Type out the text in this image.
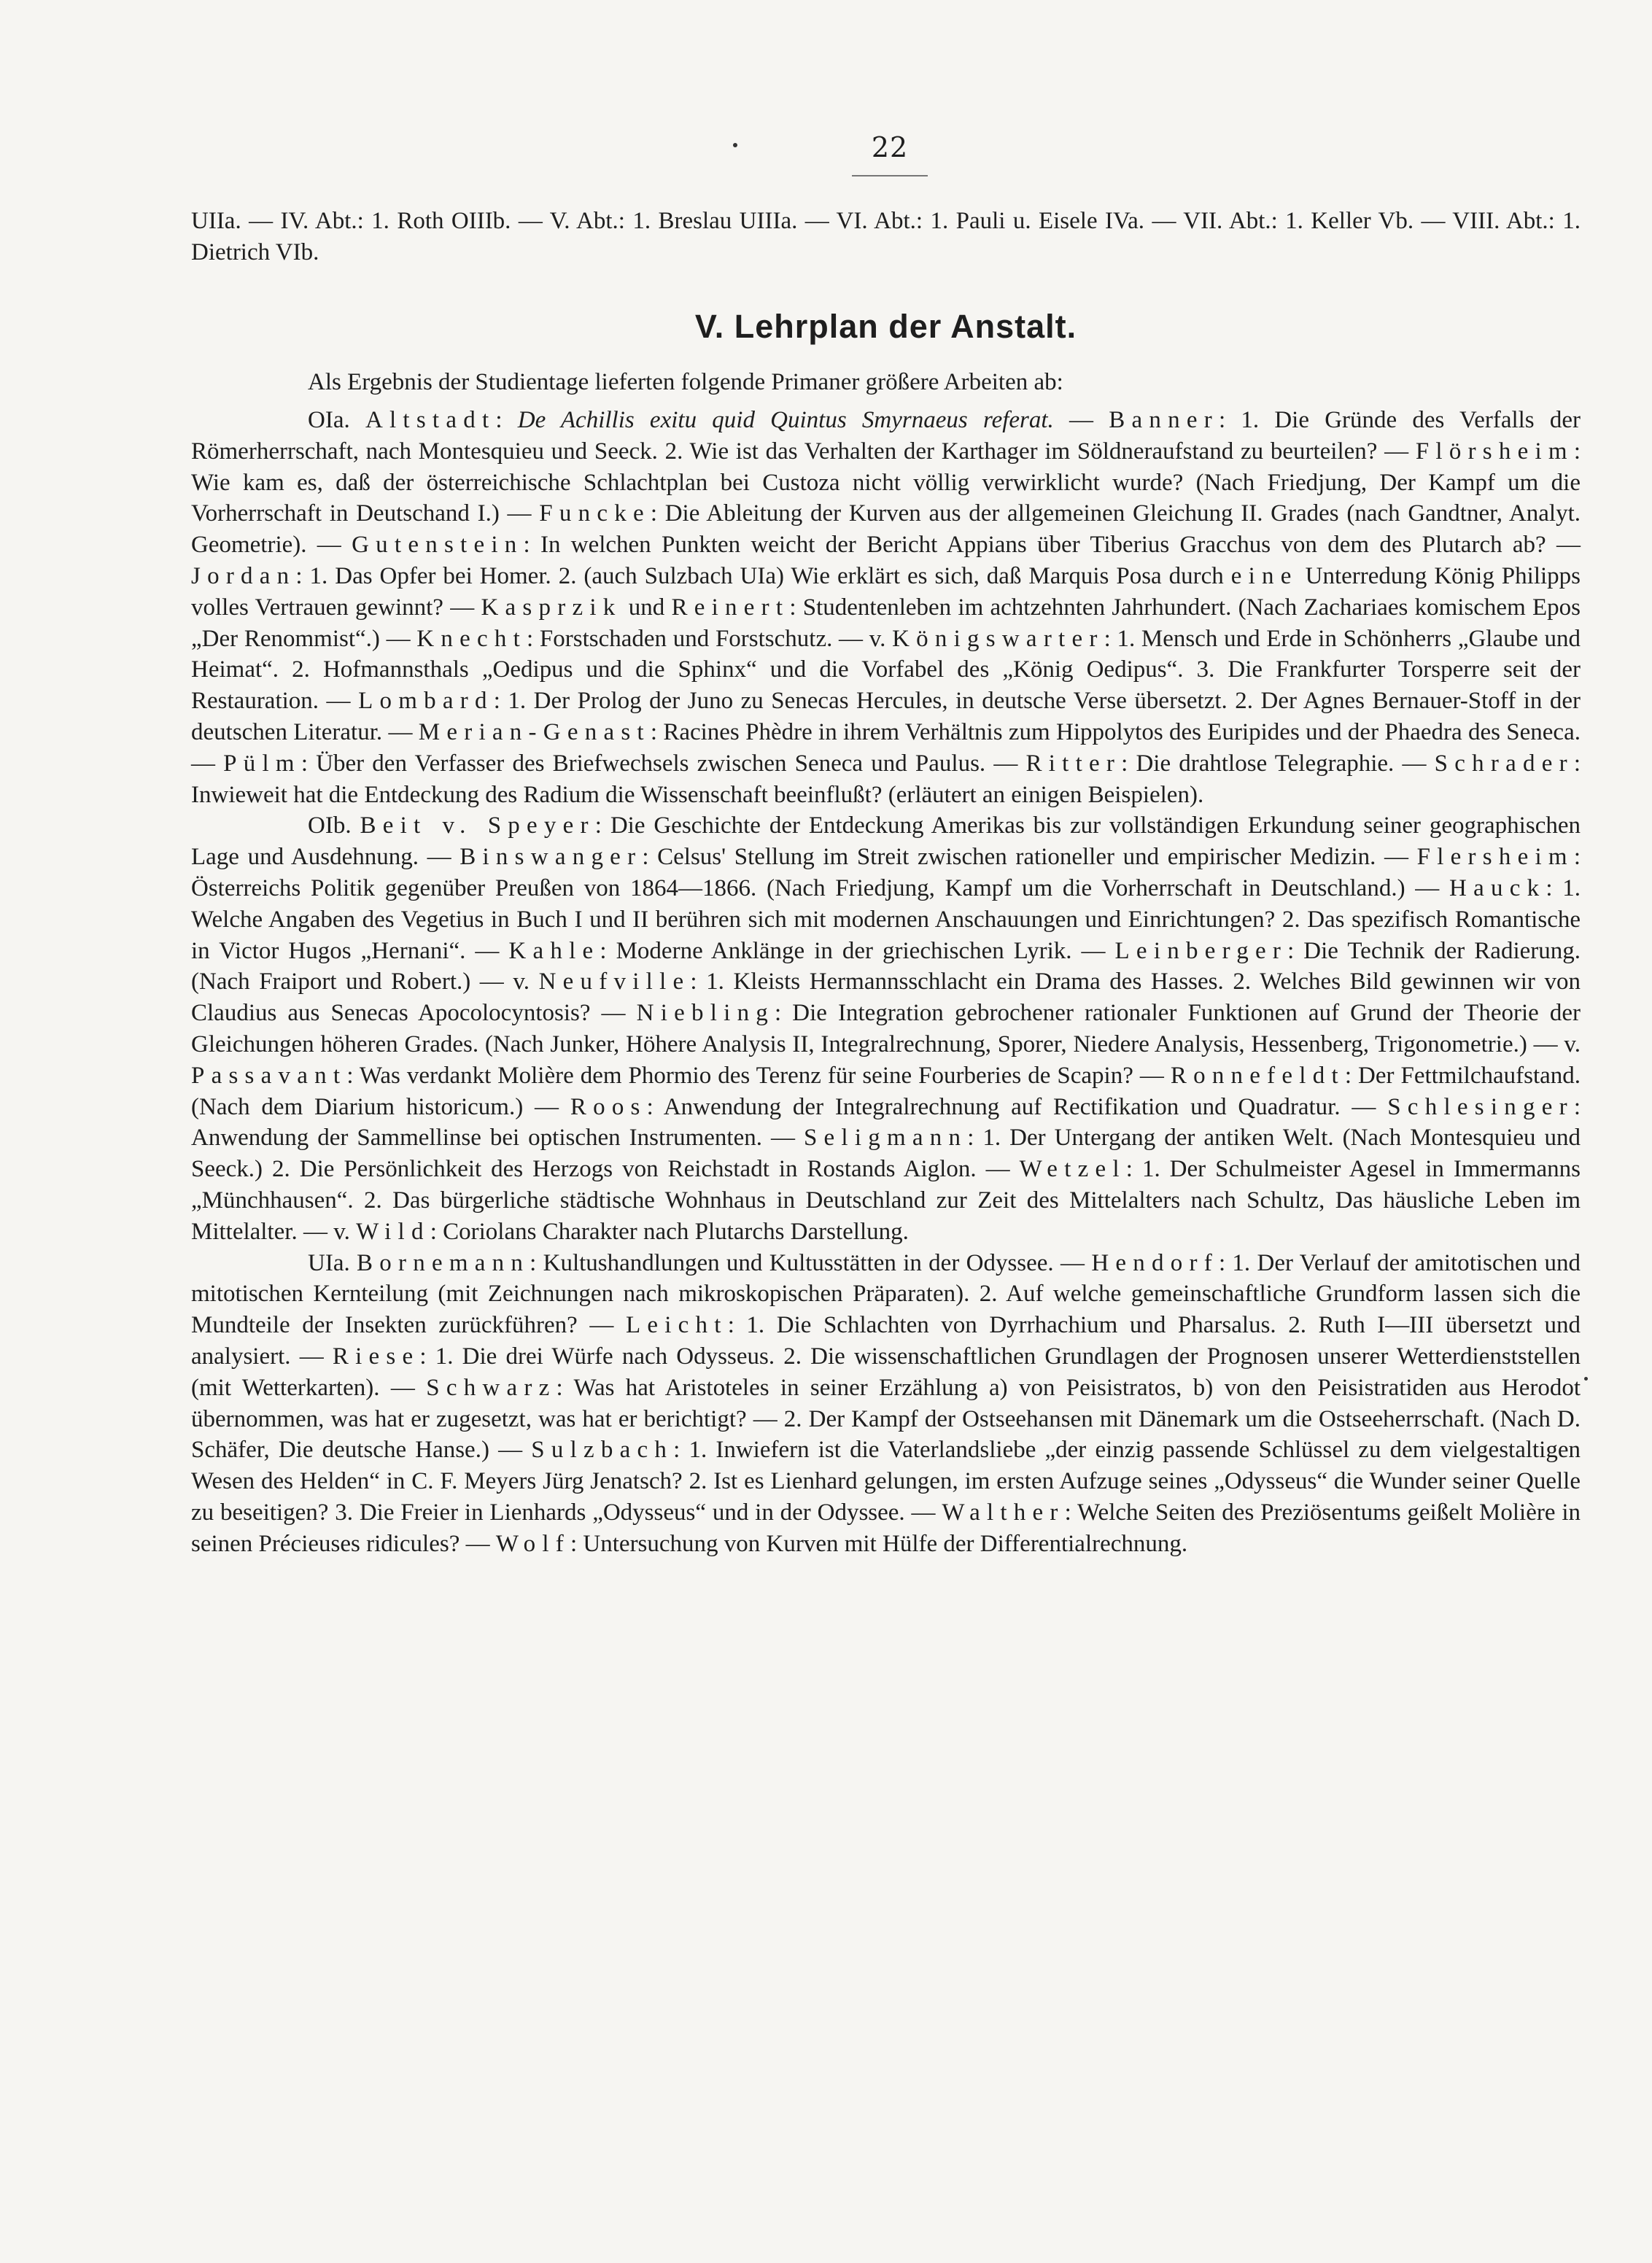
22

UIIa. — IV. Abt.: 1. Roth OIIIb. — V. Abt.: 1. Breslau UIIIa. — VI. Abt.: 1. Pauli u. Eisele IVa. — VII. Abt.: 1. Keller Vb. — VIII. Abt.: 1. Dietrich VIb.

V. Lehrplan der Anstalt.

Als Ergebnis der Studientage lieferten folgende Primaner größere Arbeiten ab:

OIa. Altstadt: De Achillis exitu quid Quintus Smyrnaeus referat. — Banner: 1. Die Gründe des Verfalls der Römerherrschaft, nach Montesquieu und Seeck. 2. Wie ist das Verhalten der Karthager im Söldneraufstand zu beurteilen? — Flörsheim: Wie kam es, daß der österreichische Schlachtplan bei Custoza nicht völlig verwirklicht wurde? (Nach Friedjung, Der Kampf um die Vorherrschaft in Deutschand I.) — Funcke: Die Ableitung der Kurven aus der allgemeinen Gleichung II. Grades (nach Gandtner, Analyt. Geometrie). — Gutenstein: In welchen Punkten weicht der Bericht Appians über Tiberius Gracchus von dem des Plutarch ab? — Jordan: 1. Das Opfer bei Homer. 2. (auch Sulzbach UIa) Wie erklärt es sich, daß Marquis Posa durch eine Unterredung König Philipps volles Vertrauen gewinnt? — Kasprzik und Reinert: Studentenleben im achtzehnten Jahrhundert. (Nach Zachariaes komischem Epos „Der Renommist“.) — Knecht: Forstschaden und Forstschutz. — v. Königswarter: 1. Mensch und Erde in Schönherrs „Glaube und Heimat“. 2. Hofmannsthals „Oedipus und die Sphinx“ und die Vorfabel des „König Oedipus“. 3. Die Frankfurter Torsperre seit der Restauration. — Lombard: 1. Der Prolog der Juno zu Senecas Hercules, in deutsche Verse übersetzt. 2. Der Agnes Bernauer-Stoff in der deutschen Literatur. — Merian-Genast: Racines Phèdre in ihrem Verhältnis zum Hippolytos des Euripides und der Phaedra des Seneca. — Pülm: Über den Verfasser des Briefwechsels zwischen Seneca und Paulus. — Ritter: Die drahtlose Telegraphie. — Schrader: Inwieweit hat die Entdeckung des Radium die Wissenschaft beeinflußt? (erläutert an einigen Beispielen).

OIb. Beit v. Speyer: Die Geschichte der Entdeckung Amerikas bis zur vollständigen Erkundung seiner geographischen Lage und Ausdehnung. — Binswanger: Celsus' Stellung im Streit zwischen rationeller und empirischer Medizin. — Flersheim: Österreichs Politik gegenüber Preußen von 1864—1866. (Nach Friedjung, Kampf um die Vorherrschaft in Deutschland.) — Hauck: 1. Welche Angaben des Vegetius in Buch I und II berühren sich mit modernen Anschauungen und Einrichtungen? 2. Das spezifisch Romantische in Victor Hugos „Hernani“. — Kahle: Moderne Anklänge in der griechischen Lyrik. — Leinberger: Die Technik der Radierung. (Nach Fraiport und Robert.) — v. Neufville: 1. Kleists Hermannsschlacht ein Drama des Hasses. 2. Welches Bild gewinnen wir von Claudius aus Senecas Apocolocyntosis? — Niebling: Die Integration gebrochener rationaler Funktionen auf Grund der Theorie der Gleichungen höheren Grades. (Nach Junker, Höhere Analysis II, Integralrechnung, Sporer, Niedere Analysis, Hessenberg, Trigonometrie.) — v. Passavant: Was verdankt Molière dem Phormio des Terenz für seine Fourberies de Scapin? — Ronnefeldt: Der Fettmilchaufstand. (Nach dem Diarium historicum.) — Roos: Anwendung der Integralrechnung auf Rectifikation und Quadratur. — Schlesinger: Anwendung der Sammellinse bei optischen Instrumenten. — Seligmann: 1. Der Untergang der antiken Welt. (Nach Montesquieu und Seeck.) 2. Die Persönlichkeit des Herzogs von Reichstadt in Rostands Aiglon. — Wetzel: 1. Der Schulmeister Agesel in Immermanns „Münchhausen“. 2. Das bürgerliche städtische Wohnhaus in Deutschland zur Zeit des Mittelalters nach Schultz, Das häusliche Leben im Mittelalter. — v. Wild: Coriolans Charakter nach Plutarchs Darstellung.

UIa. Bornemann: Kultushandlungen und Kultusstätten in der Odyssee. — Hendorf: 1. Der Verlauf der amitotischen und mitotischen Kernteilung (mit Zeichnungen nach mikroskopischen Präparaten). 2. Auf welche gemeinschaftliche Grundform lassen sich die Mundteile der Insekten zurückführen? — Leicht: 1. Die Schlachten von Dyrrhachium und Pharsalus. 2. Ruth I—III übersetzt und analysiert. — Riese: 1. Die drei Würfe nach Odysseus. 2. Die wissenschaftlichen Grundlagen der Prognosen unserer Wetterdienststellen (mit Wetterkarten). — Schwarz: Was hat Aristoteles in seiner Erzählung a) von Peisistratos, b) von den Peisistratiden aus Herodot übernommen, was hat er zugesetzt, was hat er berichtigt? — 2. Der Kampf der Ostseehansen mit Dänemark um die Ostseeherrschaft. (Nach D. Schäfer, Die deutsche Hanse.) — Sulzbach: 1. Inwiefern ist die Vaterlandsliebe „der einzig passende Schlüssel zu dem vielgestaltigen Wesen des Helden“ in C. F. Meyers Jürg Jenatsch? 2. Ist es Lienhard gelungen, im ersten Aufzuge seines „Odysseus“ die Wunder seiner Quelle zu beseitigen? 3. Die Freier in Lienhards „Odysseus“ und in der Odyssee. — Walther: Welche Seiten des Preziösentums geißelt Molière in seinen Précieuses ridicules? — Wolf: Untersuchung von Kurven mit Hülfe der Differentialrechnung.
